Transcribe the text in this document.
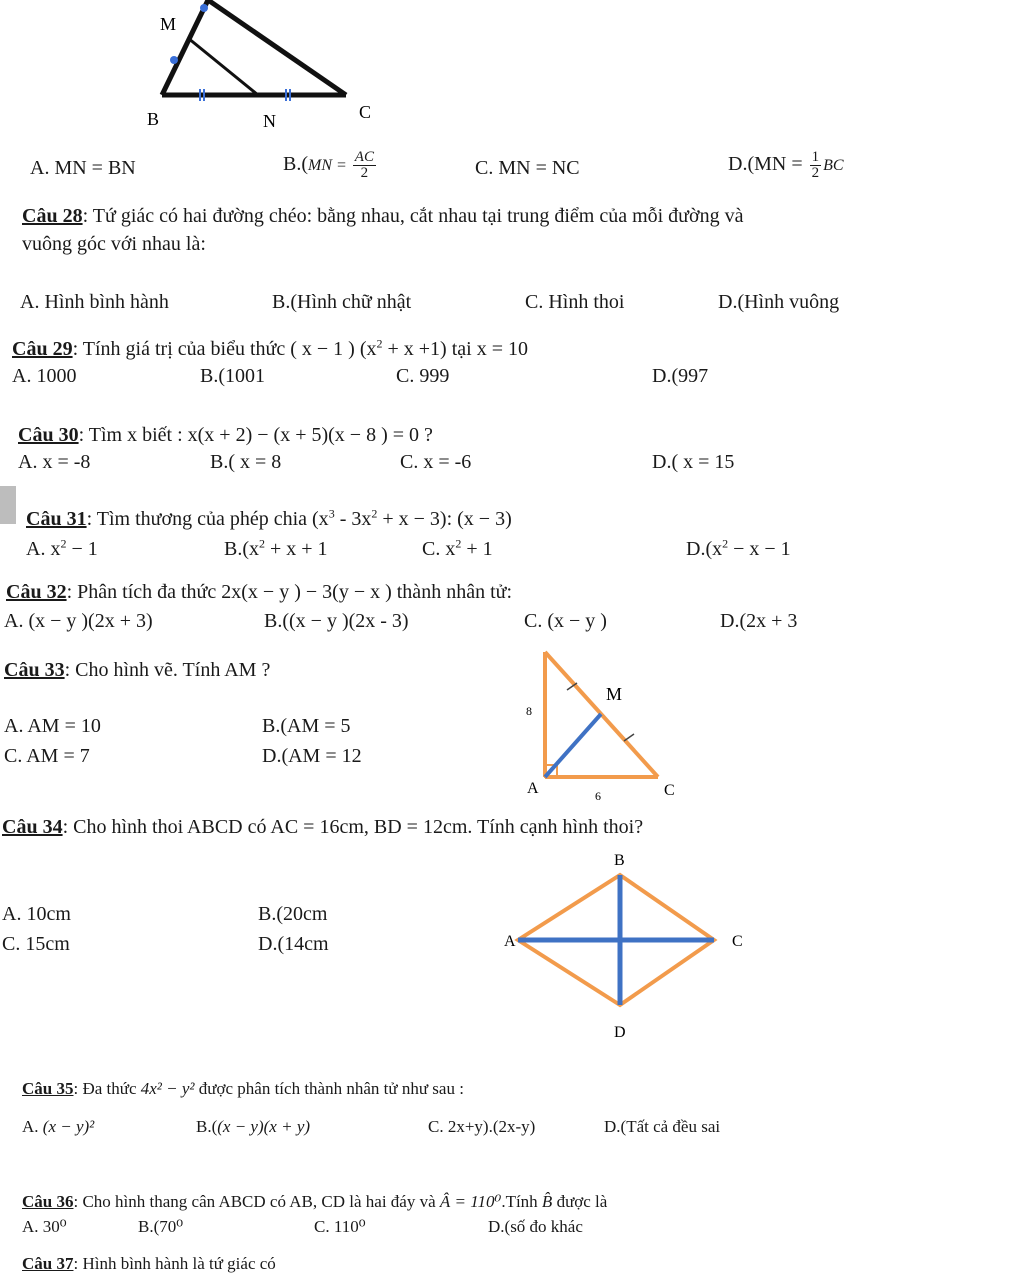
M
B	N	C
A. MN = BN	$B.(MN = \frac{AC}{2}$	C. MN = NC	$D.(MN = \frac{1}{2}$ BC
Câu 28: Tứ giác có hai đường chéo: bằng nhau, cắt nhau tại trung điểm của mỗi đường và
vuông góc với nhau là:
A. Hình bình hành	B.(Hình chữ nhật	C. Hình thoi	D.(Hình vuông
Câu 29: Tính giá trị của biểu thức ( x − 1 ) $(x^2 + x +1)$ tại x = 10
A. 1000	B.(1001	C. 999	D.(997
Câu 30: Tìm x biết : x(x + 2) − (x + 5)(x − 8 ) = 0 ?
A. x = -8	B.( x = 8	C. x = -6	D.( x = 15
Câu 31: Tìm thương của phép chia $(x^3 - 3x^2 + x - 3)$: (x − 3)
A. $x^2 - 1$	$B.(x^2 + x + 1$	C. $x^2 + 1$	$D.(x^2 - x - 1$
Câu 32: Phân tích đa thức 2x(x − y ) − 3(y − x ) thành nhân tử:
A. (x − y )(2x + 3)	B.((x − y )(2x - 3)	C. (x − y )	D.(2x + 3
Câu 33: Cho hình vẽ. Tính AM ?
A. AM = 10	B.(AM = 5
C. AM = 7	D.(AM = 12
M
8
A	6	C
Câu 34: Cho hình thoi ABCD có AC = 16cm, BD = 12cm. Tính cạnh hình thoi?
A. 10cm	B.(20cm
C. 15cm	D.(14cm
B
A	C
D
Câu 35: Đa thức 4x² − y² được phân tích thành nhân tử như sau :
A. (x − y)²	B.((x − y)(x + y)	C. 2x+y).(2x-y)	D.(Tất cả đều sai
Câu 36: Cho hình thang cân ABCD có AB, CD là hai đáy và Â = 110⁰.Tính B̂ được là
A. 30⁰	B.(70⁰	C. 110⁰	D.(số đo khác
Câu 37: Hình bình hành là tứ giác có
